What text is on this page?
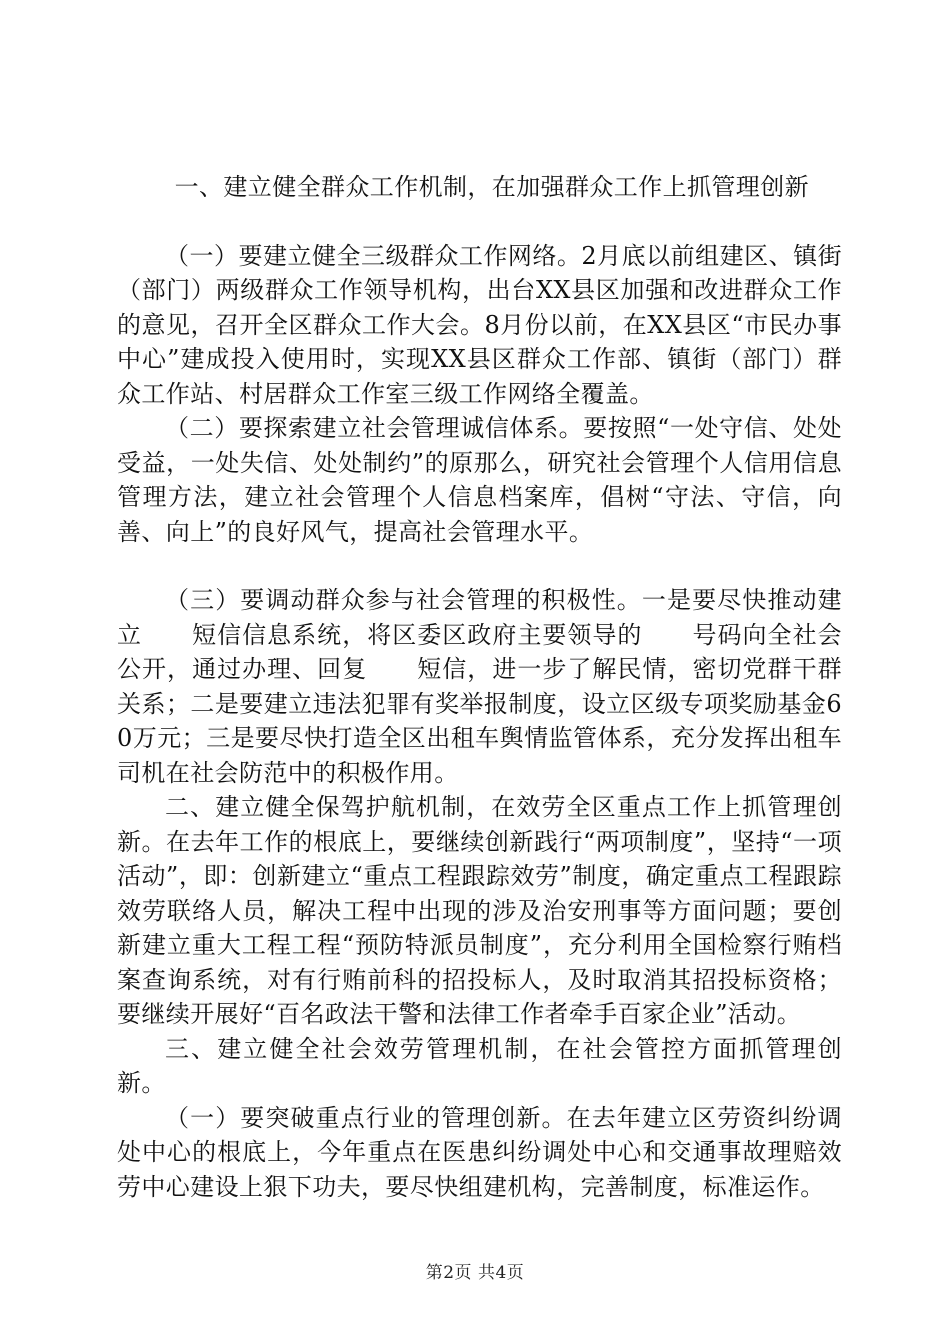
一、建立健全群众工作机制，在加强群众工作上抓管理创新

（一）要建立健全三级群众工作网络。2月底以前组建区、镇街（部门）两级群众工作领导机构，出台XX县区加强和改进群众工作的意见，召开全区群众工作大会。8月份以前，在XX县区“市民办事中心”建成投入使用时，实现XX县区群众工作部、镇街（部门）群众工作站、村居群众工作室三级工作网络全覆盖。

（二）要探索建立社会管理诚信体系。要按照“一处守信、处处受益，一处失信、处处制约”的原那么，研究社会管理个人信用信息管理方法，建立社会管理个人信息档案库，倡树“守法、守信，向善、向上”的良好风气，提高社会管理水平。

（三）要调动群众参与社会管理的积极性。一是要尽快推动建立　　短信信息系统，将区委区政府主要领导的　　号码向全社会公开，通过办理、回复　　短信，进一步了解民情，密切党群干群关系；二是要建立违法犯罪有奖举报制度，设立区级专项奖励基金60万元；三是要尽快打造全区出租车舆情监管体系，充分发挥出租车司机在社会防范中的积极作用。

二、建立健全保驾护航机制，在效劳全区重点工作上抓管理创新。在去年工作的根底上，要继续创新践行“两项制度”，坚持“一项活动”，即：创新建立“重点工程跟踪效劳”制度，确定重点工程跟踪效劳联络人员，解决工程中出现的涉及治安刑事等方面问题；要创新建立重大工程工程“预防特派员制度”，充分利用全国检察行贿档案查询系统，对有行贿前科的招投标人，及时取消其招投标资格；要继续开展好“百名政法干警和法律工作者牵手百家企业”活动。

三、建立健全社会效劳管理机制，在社会管控方面抓管理创新。

（一）要突破重点行业的管理创新。在去年建立区劳资纠纷调处中心的根底上，今年重点在医患纠纷调处中心和交通事故理赔效劳中心建设上狠下功夫，要尽快组建机构，完善制度，标准运作。

第2页 共4页
